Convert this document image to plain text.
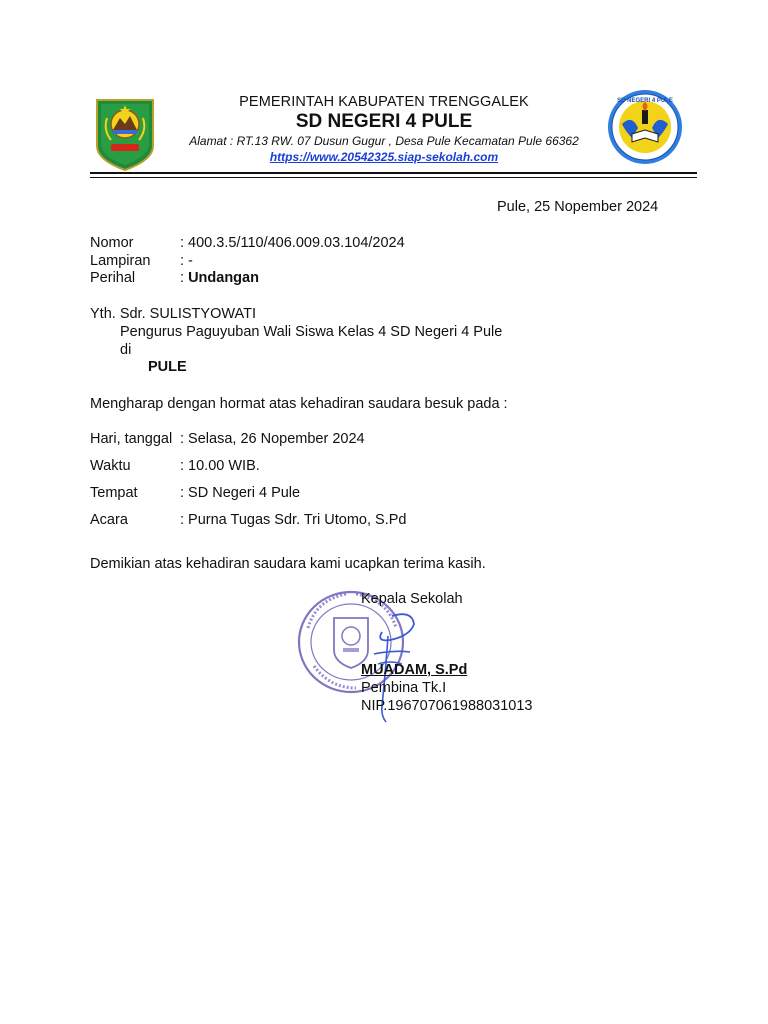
PEMERINTAH KABUPATEN TRENGGALEK
SD NEGERI 4 PULE
Alamat : RT.13 RW. 07 Dusun Gugur , Desa Pule Kecamatan Pule 66362
https://www.20542325.siap-sekolah.com
SD NEGERI 4 PULE
Pule, 25 Nopember 2024
Nomor	: 400.3.5/110/406.009.03.104/2024
Lampiran : -
Perihal	: Undangan
Yth. Sdr. SULISTYOWATI
Pengurus Paguyuban Wali Siswa Kelas 4 SD Negeri 4 Pule
di
PULE
Mengharap dengan hormat atas kehadiran saudara besuk pada :
Hari, tanggal : Selasa, 26 Nopember 2024
Waktu	: 10.00 WIB.
Tempat	: SD Negeri 4 Pule
Acara	: Purna Tugas Sdr. Tri Utomo, S.Pd
Demikian atas kehadiran saudara kami ucapkan terima kasih.
Kepala Sekolah
MUADAM, S.Pd
Pembina Tk.I
NIP.196707061988031013
